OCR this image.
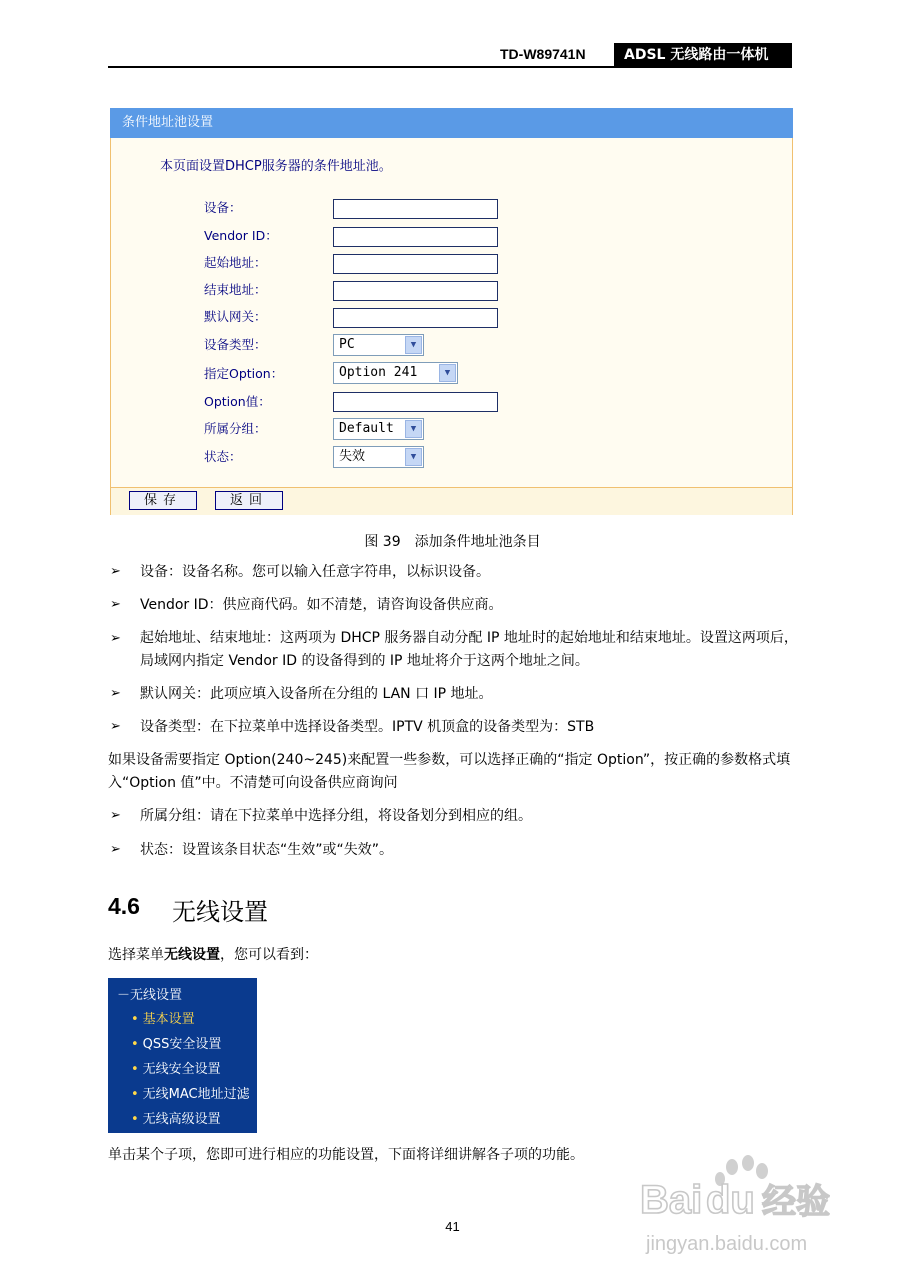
TD-W89741N	ADSL 无线路由一体机
条件地址池设置
本页面设置DHCP服务器的条件地址池。
设备：
Vendor ID：
起始地址：
结束地址：
默认网关：
设备类型：	PC	▼
指定Option：	Option 241	▼
Option值：
所属分组：	Default	▼
状态：	失效	▼
保存	返回
图 39　添加条件地址池条目
➢ 设备：设备名称。您可以输入任意字符串，以标识设备。
➢ Vendor ID：供应商代码。如不清楚，请咨询设备供应商。
➢ 起始地址、结束地址：这两项为 DHCP 服务器自动分配 IP 地址时的起始地址和结束地址。设置这两项后，局域网内指定 Vendor ID 的设备得到的 IP 地址将介于这两个地址之间。
➢ 默认网关：此项应填入设备所在分组的 LAN 口 IP 地址。
➢ 设备类型：在下拉菜单中选择设备类型。IPTV 机顶盒的设备类型为：STB
如果设备需要指定 Option(240~245)来配置一些参数，可以选择正确的“指定 Option”，按正确的参数格式填入“Option 值”中。不清楚可向设备供应商询问
➢ 所属分组：请在下拉菜单中选择分组，将设备划分到相应的组。
➢ 状态：设置该条目状态“生效”或“失效”。
4.6 无线设置
选择菜单无线设置，您可以看到：
－无线设置
• 基本设置
• QSS安全设置
• 无线安全设置
• 无线MAC地址过滤
• 无线高级设置
单击某个子项，您即可进行相应的功能设置，下面将详细讲解各子项的功能。
41
Bai du 经验
jingyan.baidu.com
